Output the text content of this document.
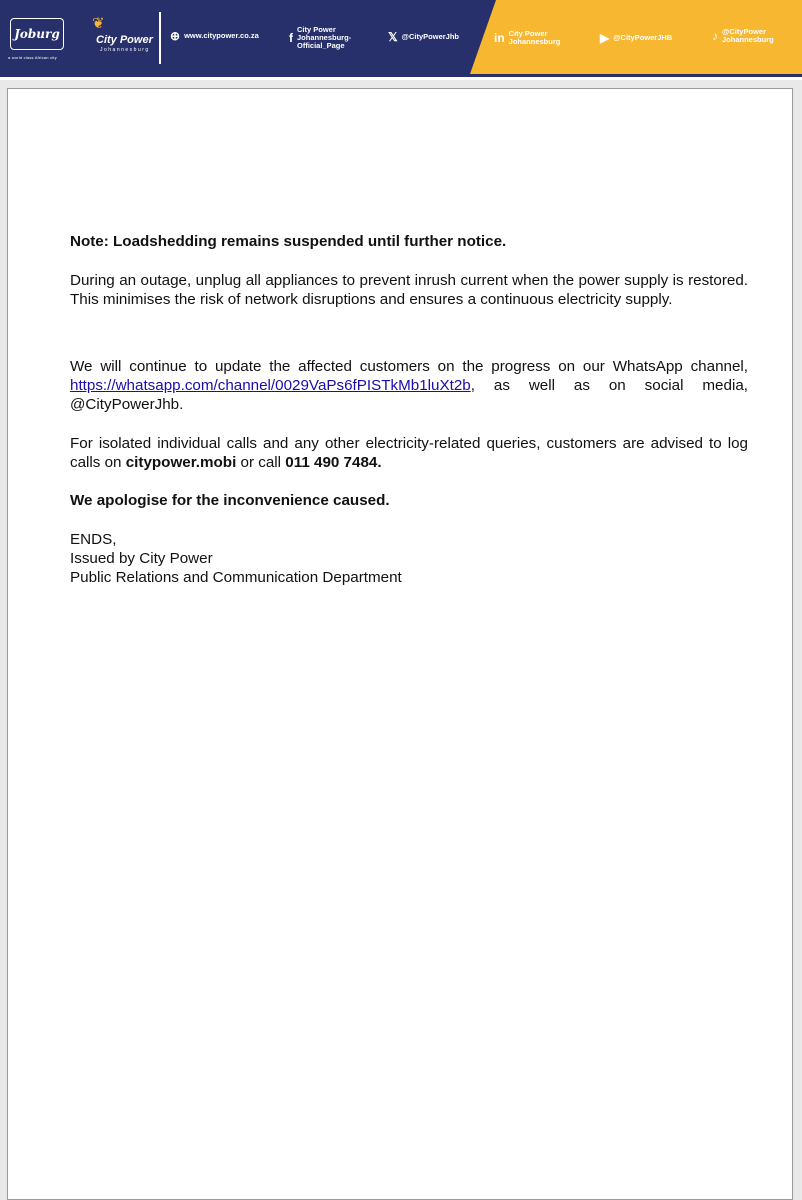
Joburg
a world class African city
❦
City Power
Johannesburg
⊕ www.citypower.co.za	f
City Power Johannesburg-Official_Page
𝕏 @CityPowerJhb	in City Power Johannesburg	▶ @CityPowerJHB	♪ @CityPower Johannesburg

Note: Loadshedding remains suspended until further notice.

During an outage, unplug all appliances to prevent inrush current when the power supply is restored. This minimises the risk of network disruptions and ensures a continuous electricity supply.

We will continue to update the affected customers on the progress on our WhatsApp channel, https://whatsapp.com/channel/0029VaPs6fPISTkMb1luXt2b, as well as on social media, @CityPowerJhb.

For isolated individual calls and any other electricity-related queries, customers are advised to log calls on citypower.mobi or call 011 490 7484.

We apologise for the inconvenience caused.

ENDS,

Issued by City Power

Public Relations and Communication Department
